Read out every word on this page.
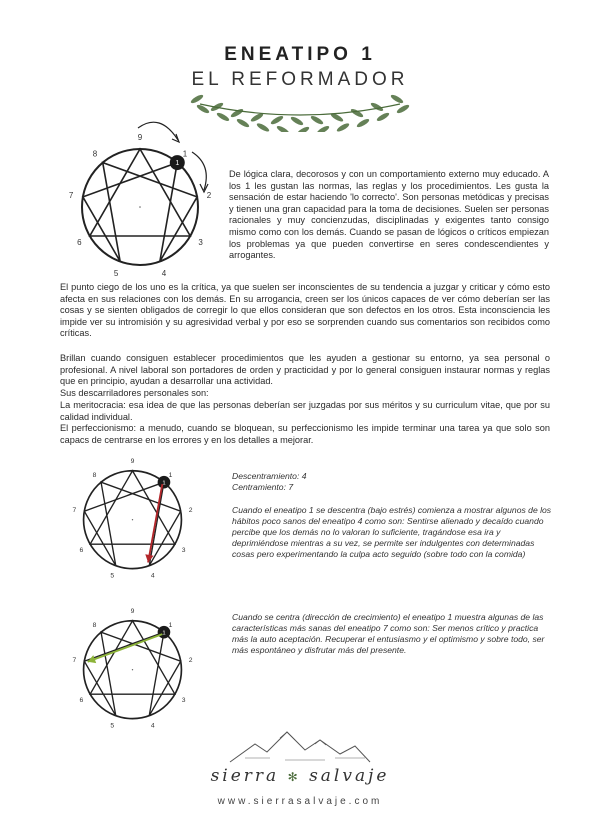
ENEATIPO 1
EL REFORMADOR
9
1
2
3
4
5
6
7
8
1
De lógica clara, decorosos y con un comportamiento externo muy educado. A los 1 les gustan las normas, las reglas y los procedimientos. Les gusta la sensación de estar haciendo 'lo correcto'. Son personas metódicas y precisas y tienen una gran capacidad para la toma de decisiones. Suelen ser personas racionales y muy concienzudas, disciplinadas y exigentes tanto consigo mismo como con los demás. Cuando se pasan de lógicos o críticos empiezan los problemas ya que pueden convertirse en seres condescendientes y arrogantes.
El punto ciego de los uno es la crítica, ya que suelen ser inconscientes de su tendencia a juzgar y criticar y cómo esto afecta en sus relaciones con los demás. En su arrogancia, creen ser los únicos capaces de ver cómo deberían ser las cosas y se sienten obligados de corregir lo que ellos consideran que son defectos en los otros. Esta inconsciencia les impide ver su intromisión y su agresividad verbal y por eso se sorprenden cuando sus comentarios son recibidos como críticas.
Brillan cuando consiguen establecer procedimientos que les ayuden a gestionar su entorno, ya sea personal o profesional. A nivel laboral son portadores de orden y practicidad y por lo general consiguen instaurar normas y reglas que en principio, ayudan a desarrollar una actividad.
Sus descarriladores personales son:
La meritocracia: esa idea de que las personas deberían ser juzgadas por sus méritos y su curriculum vitae, que por su calidad individual.
El perfeccionismo: a menudo, cuando se bloquean, su perfeccionismo les impide terminar una tarea ya que solo son capacs de centrarse en los errores y en los detalles a mejorar.
9
1
2
3
4
5
6
7
8
1
Descentramiento: 4
Centramiento: 7
Cuando el eneatipo 1 se descentra (bajo estrés) comienza a mostrar algunos de los hábitos poco sanos del eneatipo 4 como son: Sentirse alienado y decaído cuando percibe que los demás no lo valoran lo suficiente, tragándose esa ira y deprimiéndose mientras a su vez, se permite ser indulgentes con determinadas cosas pero experimentando la culpa acto seguido (sobre todo con la comida)
9
1
2
3
4
5
6
7
8
1
Cuando se centra (dirección de crecimiento) el eneatipo 1 muestra algunas de las características más sanas del eneatipo 7 como son: Ser menos crítico y practica más la auto aceptación. Recuperar el entusiasmo y el optimismo y sobre todo, ser más espontáneo y disfrutar más del presente.
sierra ✻ salvaje
www.sierrasalvaje.com
